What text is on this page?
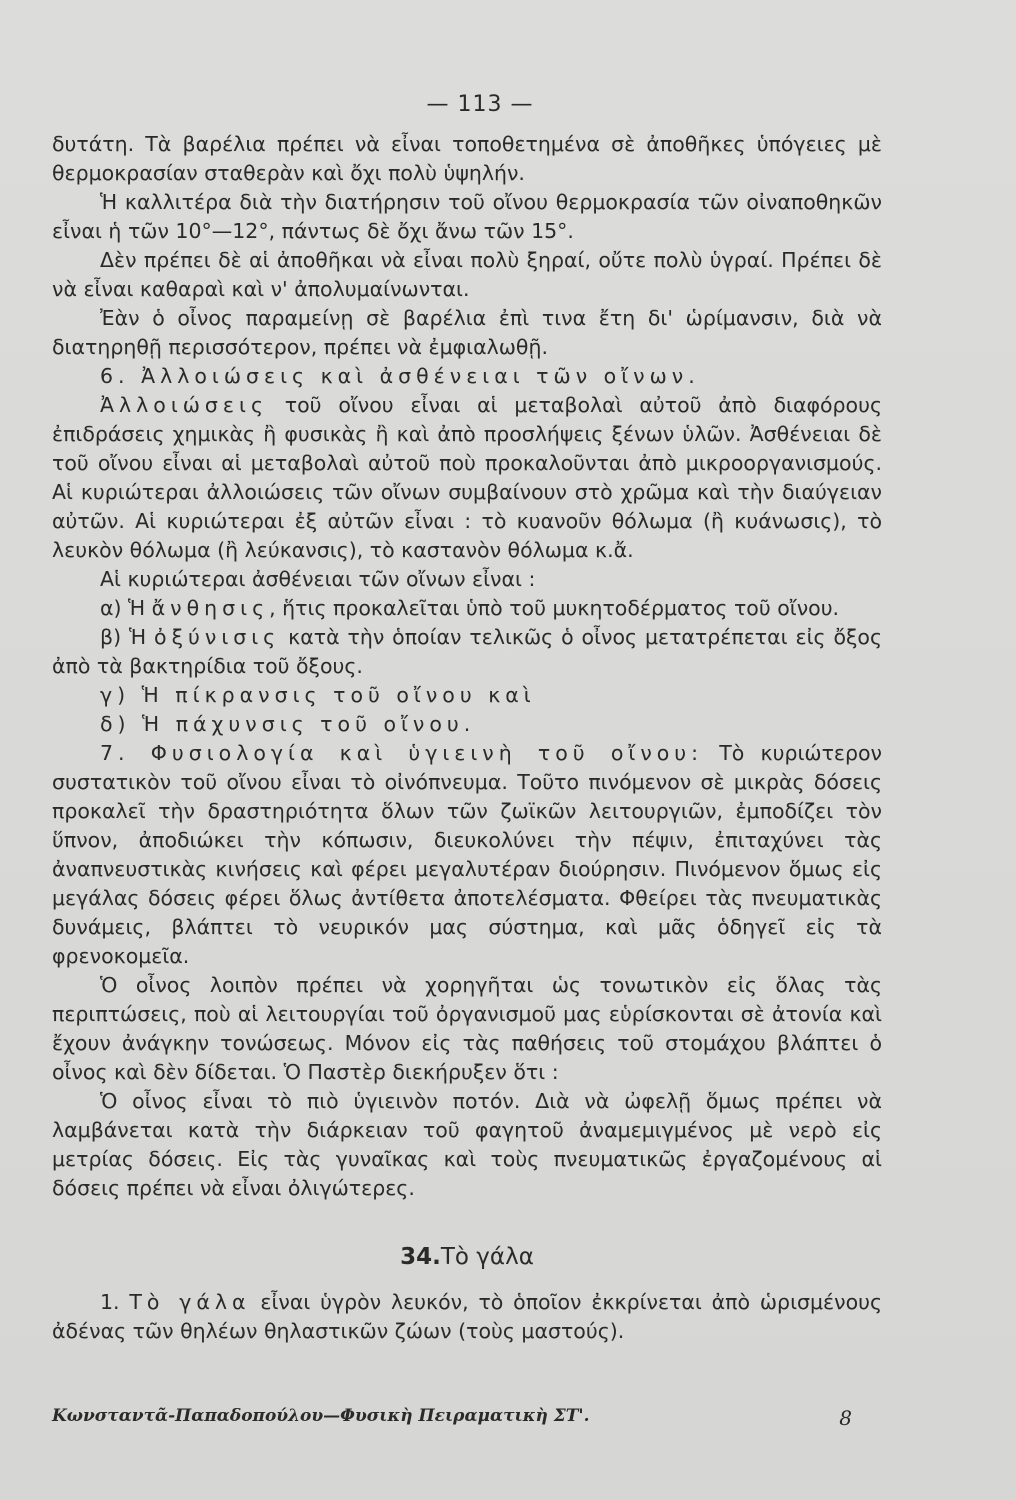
— 113 —

δυτάτη. Τὰ βαρέλια πρέπει νὰ εἶναι τοποθετημένα σὲ ἀποθῆκες ὑπόγειες μὲ θερμοκρασίαν σταθερὰν καὶ ὄχι πολὺ ὑψηλήν.

Ἡ καλλιτέρα διὰ τὴν διατήρησιν τοῦ οἴνου θερμοκρασία τῶν οἰναποθηκῶν εἶναι ἡ τῶν 10°—12°, πάντως δὲ ὄχι ἄνω τῶν 15°.

Δὲν πρέπει δὲ αἱ ἀποθῆκαι νὰ εἶναι πολὺ ξηραί, οὔτε πολὺ ὑγραί. Πρέπει δὲ νὰ εἶναι καθαραὶ καὶ ν' ἀπολυμαίνωνται.

Ἐὰν ὁ οἶνος παραμείνῃ σὲ βαρέλια ἐπὶ τινα ἔτη δι' ὡρίμανσιν, διὰ νὰ διατηρηθῇ περισσότερον, πρέπει νὰ ἐμφιαλωθῇ.

6. Ἀλλοιώσεις καὶ ἀσθένειαι τῶν οἴνων.

Ἀλλοιώσεις τοῦ οἴνου εἶναι αἱ μεταβολαὶ αὐτοῦ ἀπὸ διαφόρους ἐπιδράσεις χημικὰς ἢ φυσικὰς ἢ καὶ ἀπὸ προσλήψεις ξένων ὑλῶν. Ἀσθένειαι δὲ τοῦ οἴνου εἶναι αἱ μεταβολαὶ αὐτοῦ ποὺ προκαλοῦνται ἀπὸ μικροοργανισμούς. Αἱ κυριώτεραι ἀλλοιώσεις τῶν οἴνων συμβαίνουν στὸ χρῶμα καὶ τὴν διαύγειαν αὐτῶν. Αἱ κυριώτεραι ἐξ αὐτῶν εἶναι : τὸ κυανοῦν θόλωμα (ἢ κυάνωσις), τὸ λευκὸν θόλωμα (ἢ λεύκανσις), τὸ καστανὸν θόλωμα κ.ἄ.

Αἱ κυριώτεραι ἀσθένειαι τῶν οἴνων εἶναι :

α) Ἡ ἄνθησις, ἥτις προκαλεῖται ὑπὸ τοῦ μυκητοδέρματος τοῦ οἴνου.

β) Ἡ ὀξύνισις κατὰ τὴν ὁποίαν τελικῶς ὁ οἶνος μετατρέπεται εἰς ὄξος ἀπὸ τὰ βακτηρίδια τοῦ ὄξους.

γ) Ἡ πίκρανσις τοῦ οἴνου καὶ

δ) Ἡ πάχυνσις τοῦ οἴνου.

7. Φυσιολογία καὶ ὑγιεινὴ τοῦ οἴνου: Τὸ κυριώτερον συστατικὸν τοῦ οἴνου εἶναι τὸ οἰνόπνευμα. Τοῦτο πινόμενον σὲ μικρὰς δόσεις προκαλεῖ τὴν δραστηριότητα ὅλων τῶν ζωϊκῶν λειτουργιῶν, ἐμποδίζει τὸν ὕπνον, ἀποδιώκει τὴν κόπωσιν, διευκολύνει τὴν πέψιν, ἐπιταχύνει τὰς ἀναπνευστικὰς κινήσεις καὶ φέρει μεγαλυτέραν διούρησιν. Πινόμενον ὅμως εἰς μεγάλας δόσεις φέρει ὅλως ἀντίθετα ἀποτελέσματα. Φθείρει τὰς πνευματικὰς δυνάμεις, βλάπτει τὸ νευρικόν μας σύστημα, καὶ μᾶς ὁδηγεῖ εἰς τὰ φρενοκομεῖα.

Ὁ οἶνος λοιπὸν πρέπει νὰ χορηγῆται ὡς τονωτικὸν εἰς ὅλας τὰς περιπτώσεις, ποὺ αἱ λειτουργίαι τοῦ ὀργανισμοῦ μας εὑρίσκονται σὲ ἀτονία καὶ ἔχουν ἀνάγκην τονώσεως. Μόνον εἰς τὰς παθήσεις τοῦ στομάχου βλάπτει ὁ οἶνος καὶ δὲν δίδεται. Ὁ Παστὲρ διεκήρυξεν ὅτι :

Ὁ οἶνος εἶναι τὸ πιὸ ὑγιεινὸν ποτόν. Διὰ νὰ ὠφελῇ ὅμως πρέπει νὰ λαμβάνεται κατὰ τὴν διάρκειαν τοῦ φαγητοῦ ἀναμεμιγμένος μὲ νερὸ εἰς μετρίας δόσεις. Εἰς τὰς γυναῖκας καὶ τοὺς πνευματικῶς ἐργαζομένους αἱ δόσεις πρέπει νὰ εἶναι ὀλιγώτερες.

34.Τὸ γάλα

1. Τὸ γάλα εἶναι ὑγρὸν λευκόν, τὸ ὁποῖον ἐκκρίνεται ἀπὸ ὡρισμένους ἀδένας τῶν θηλέων θηλαστικῶν ζώων (τοὺς μαστούς).

Κωνσταντᾶ-Παπαδοπούλου—Φυσικὴ Πειραματικὴ ΣΤ'.	8
